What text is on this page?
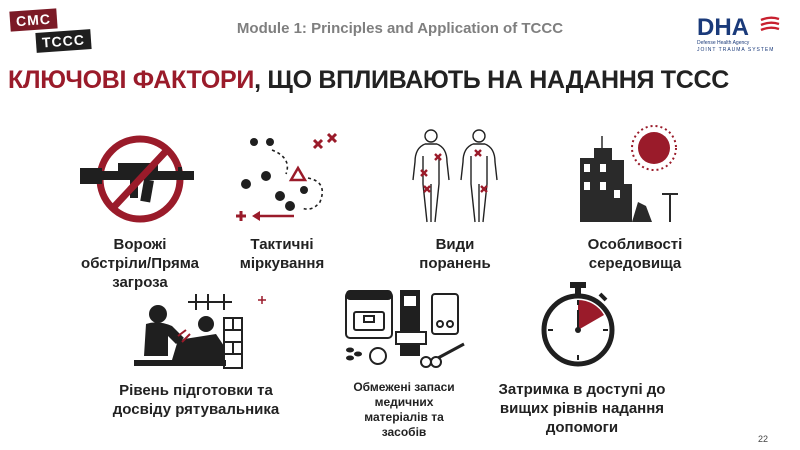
CMC
TCCC
Module 1: Principles and Application of TCCC	DHA
Defense Health Agency
JOINT TRAUMA SYSTEM
КЛЮЧОВІ ФАКТОРИ, ЩО ВПЛИВАЮТЬ НА НАДАННЯ TCCC
Ворожі
обстріли/Пряма
загроза
Тактичні
міркування
Види
поранень
Особливості
середовища
Рівень підготовки та
досвіду рятувальника
Обмежені запаси
медичних
матеріалів та
засобів
Затримка в доступі до
вищих рівнів надання
допомоги
22
